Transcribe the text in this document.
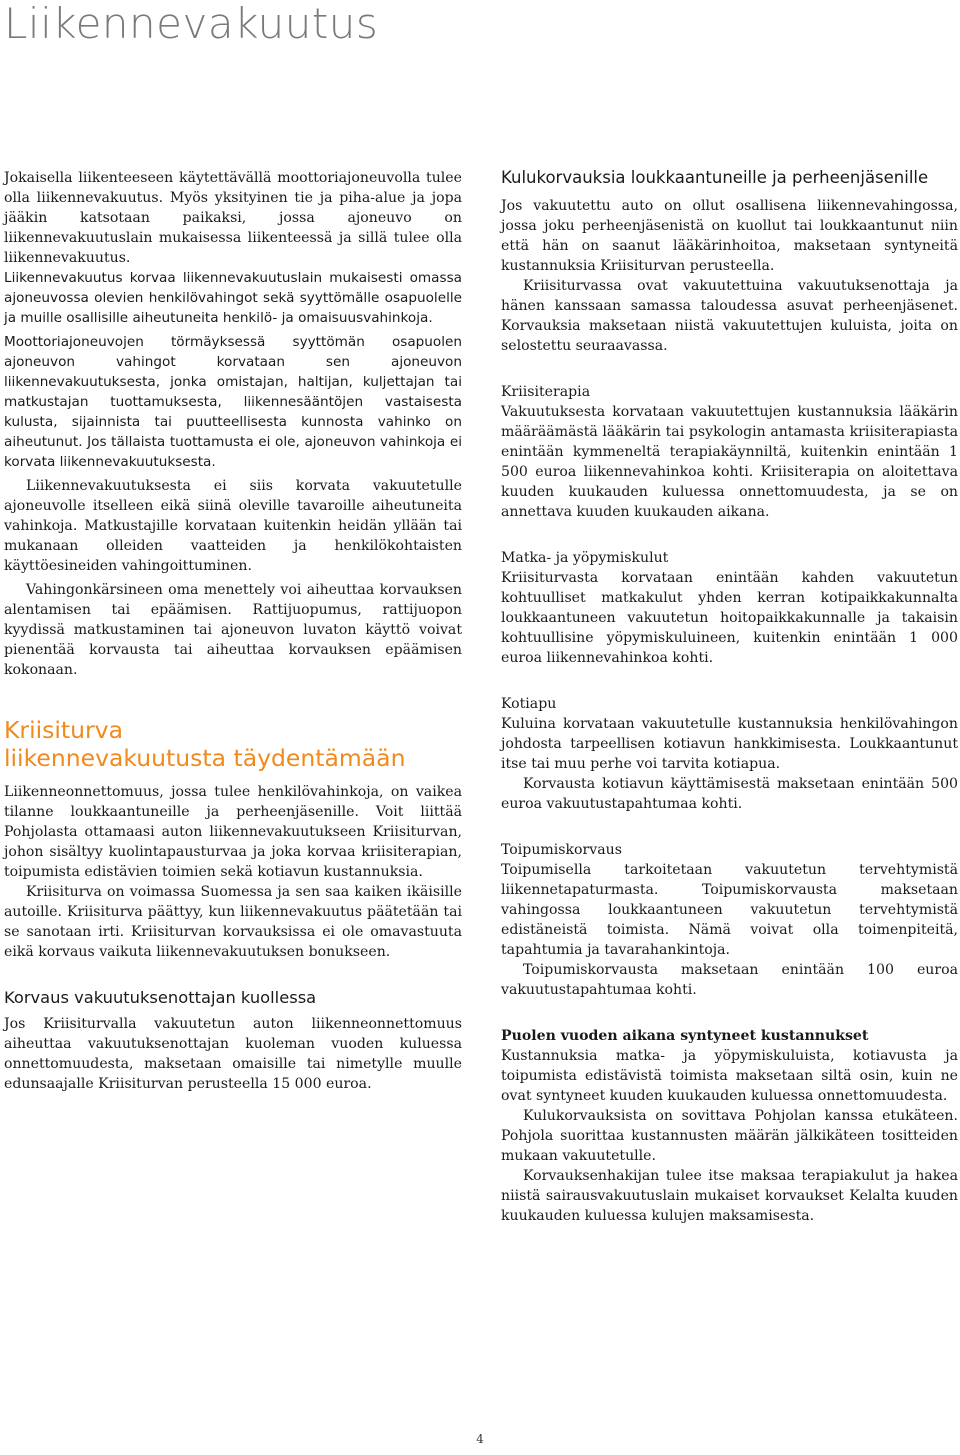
Liikennevakuutus

Jokaisella liikenteeseen käytettävällä moottoriajoneuvolla tulee olla liikennevakuutus. Myös yksityinen tie ja piha-alue ja jopa jääkin katsotaan paikaksi, jossa ajoneuvo on liikennevakuutuslain mukaisessa liikenteessä ja sillä tulee olla liikennevakuutus.

Liikennevakuutus korvaa liikennevakuutuslain mukaisesti omassa ajoneuvossa olevien henkilövahingot sekä syyttömälle osapuolelle ja muille osallisille aiheutuneita henkilö- ja omaisuusvahinkoja.

Moottoriajoneuvojen törmäyksessä syyttömän osapuolen ajoneuvon vahingot korvataan sen ajoneuvon liikennevakuutuksesta, jonka omistajan, haltijan, kuljettajan tai matkustajan tuottamuksesta, liikennesääntöjen vastaisesta kulusta, sijainnista tai puutteellisesta kunnosta vahinko on aiheutunut. Jos tällaista tuottamusta ei ole, ajoneuvon vahinkoja ei korvata liikennevakuutuksesta.

Liikennevakuutuksesta ei siis korvata vakuutetulle ajoneuvolle itselleen eikä siinä oleville tavaroille aiheutuneita vahinkoja. Matkustajille korvataan kuitenkin heidän yllään tai mukanaan olleiden vaatteiden ja henkilökohtaisten käyttöesineiden vahingoittuminen.

Vahingonkärsineen oma menettely voi aiheuttaa korvauksen alentamisen tai epäämisen. Rattijuopumus, rattijuopon kyydissä matkustaminen tai ajoneuvon luvaton käyttö voivat pienentää korvausta tai aiheuttaa korvauksen epäämisen kokonaan.

Kriisiturva
liikennevakuutusta täydentämään

Liikenneonnettomuus, jossa tulee henkilövahinkoja, on vaikea tilanne loukkaantuneille ja perheenjäsenille. Voit liittää Pohjolasta ottamaasi auton liikennevakuutukseen Kriisiturvan, johon sisältyy kuolintapausturvaa ja joka korvaa kriisiterapian, toipumista edistävien toimien sekä kotiavun kustannuksia.

Kriisiturva on voimassa Suomessa ja sen saa kaiken ikäisille autoille. Kriisiturva päättyy, kun liikennevakuutus päätetään tai se sanotaan irti. Kriisiturvan korvauksissa ei ole omavastuuta eikä korvaus vaikuta liikennevakuutuksen bonukseen.

Korvaus vakuutuksenottajan kuollessa

Jos Kriisiturvalla vakuutetun auton liikenneonnettomuus aiheuttaa vakuutuksenottajan kuoleman vuoden kuluessa onnettomuudesta, maksetaan omaisille tai nimetylle muulle edunsaajalle Kriisiturvan perusteella 15 000 euroa.

Kulukorvauksia loukkaantuneille ja perheenjäsenille

Jos vakuutettu auto on ollut osallisena liikennevahingossa, jossa joku perheenjäsenistä on kuollut tai loukkaantunut niin että hän on saanut lääkärinhoitoa, maksetaan syntyneitä kustannuksia Kriisiturvan perusteella.

Kriisiturvassa ovat vakuutettuina vakuutuksenottaja ja hänen kanssaan samassa taloudessa asuvat perheenjäsenet. Korvauksia maksetaan niistä vakuutettujen kuluista, joita on selostettu seuraavassa.

Kriisiterapia

Vakuutuksesta korvataan vakuutettujen kustannuksia lääkärin määräämästä lääkärin tai psykologin antamasta kriisiterapiasta enintään kymmeneltä terapiakäynniltä, kuitenkin enintään 1 500 euroa liikennevahinkoa kohti. Kriisiterapia on aloitettava kuuden kuukauden kuluessa onnettomuudesta, ja se on annettava kuuden kuukauden aikana.

Matka- ja yöpymiskulut

Kriisiturvasta korvataan enintään kahden vakuutetun kohtuulliset matkakulut yhden kerran kotipaikkakunnalta loukkaantuneen vakuutetun hoitopaikkakunnalle ja takaisin kohtuullisine yöpymiskuluineen, kuitenkin enintään 1 000 euroa liikennevahinkoa kohti.

Kotiapu

Kuluina korvataan vakuutetulle kustannuksia henkilövahingon johdosta tarpeellisen kotiavun hankkimisesta. Loukkaantunut itse tai muu perhe voi tarvita kotiapua.

Korvausta kotiavun käyttämisestä maksetaan enintään 500 euroa vakuutustapahtumaa kohti.

Toipumiskorvaus

Toipumisella tarkoitetaan vakuutetun tervehtymistä liikennetapaturmasta. Toipumiskorvausta maksetaan vahingossa loukkaantuneen vakuutetun tervehtymistä edistäneistä toimista. Nämä voivat olla toimenpiteitä, tapahtumia ja tavarahankintoja.

Toipumiskorvausta maksetaan enintään 100 euroa vakuutustapahtumaa kohti.

Puolen vuoden aikana syntyneet kustannukset

Kustannuksia matka- ja yöpymiskuluista, kotiavusta ja toipumista edistävistä toimista maksetaan siltä osin, kuin ne ovat syntyneet kuuden kuukauden kuluessa onnettomuudesta.

Kulukorvauksista on sovittava Pohjolan kanssa etukäteen. Pohjola suorittaa kustannusten määrän jälkikäteen tositteiden mukaan vakuutetulle.

Korvauksenhakijan tulee itse maksaa terapiakulut ja hakea niistä sairausvakuutuslain mukaiset korvaukset Kelalta kuuden kuukauden kuluessa kulujen maksamisesta.

4
